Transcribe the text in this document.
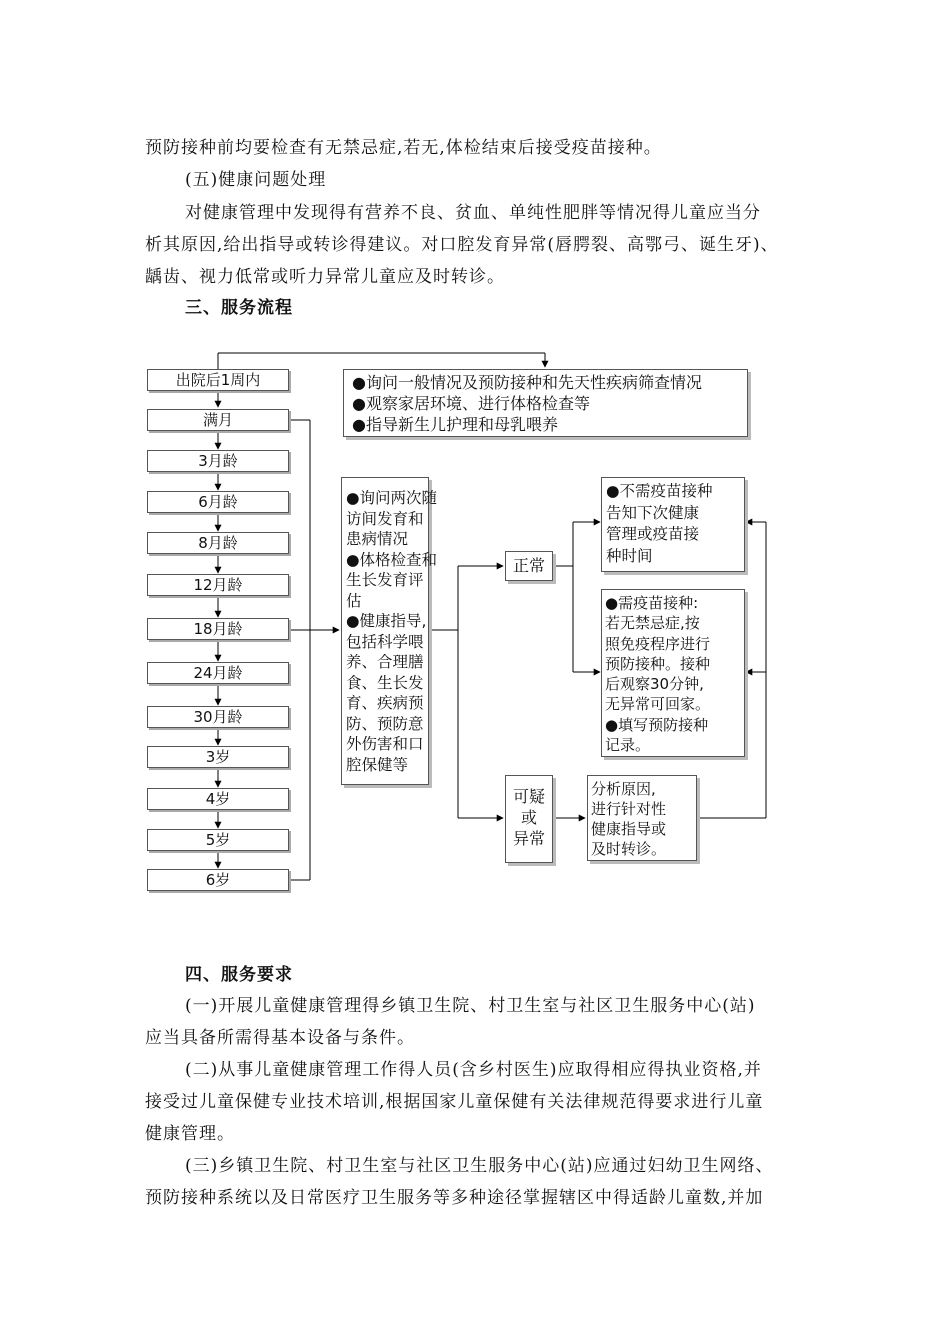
预防接种前均要检查有无禁忌症,若无,体检结束后接受疫苗接种。
(五)健康问题处理
对健康管理中发现得有营养不良、贫血、单纯性肥胖等情况得儿童应当分
析其原因,给出指导或转诊得建议。对口腔发育异常(唇腭裂、高鄂弓、诞生牙)、
龋齿、视力低常或听力异常儿童应及时转诊。
三、服务流程
出院后1周内
满月
3月龄
6月龄
8月龄
12月龄
18月龄
24月龄
30月龄
3岁
4岁
5岁
6岁
●询问一般情况及预防接种和先天性疾病筛查情况
●观察家居环境、进行体格检查等
●指导新生儿护理和母乳喂养
●询问两次随
访间发育和
患病情况
●体格检查和
生长发育评
估
●健康指导,
包括科学喂
养、合理膳
食、生长发
育、疾病预
防、预防意
外伤害和口
腔保健等
正常
可疑
或
异常
●不需疫苗接种
告知下次健康
管理或疫苗接
种时间
●需疫苗接种:
若无禁忌症,按
照免疫程序进行
预防接种。接种
后观察30分钟,
无异常可回家。
●填写预防接种
记录。
分析原因,
进行针对性
健康指导或
及时转诊。
四、服务要求
(一)开展儿童健康管理得乡镇卫生院、村卫生室与社区卫生服务中心(站)
应当具备所需得基本设备与条件。
(二)从事儿童健康管理工作得人员(含乡村医生)应取得相应得执业资格,并
接受过儿童保健专业技术培训,根据国家儿童保健有关法律规范得要求进行儿童
健康管理。
(三)乡镇卫生院、村卫生室与社区卫生服务中心(站)应通过妇幼卫生网络、
预防接种系统以及日常医疗卫生服务等多种途径掌握辖区中得适龄儿童数,并加
